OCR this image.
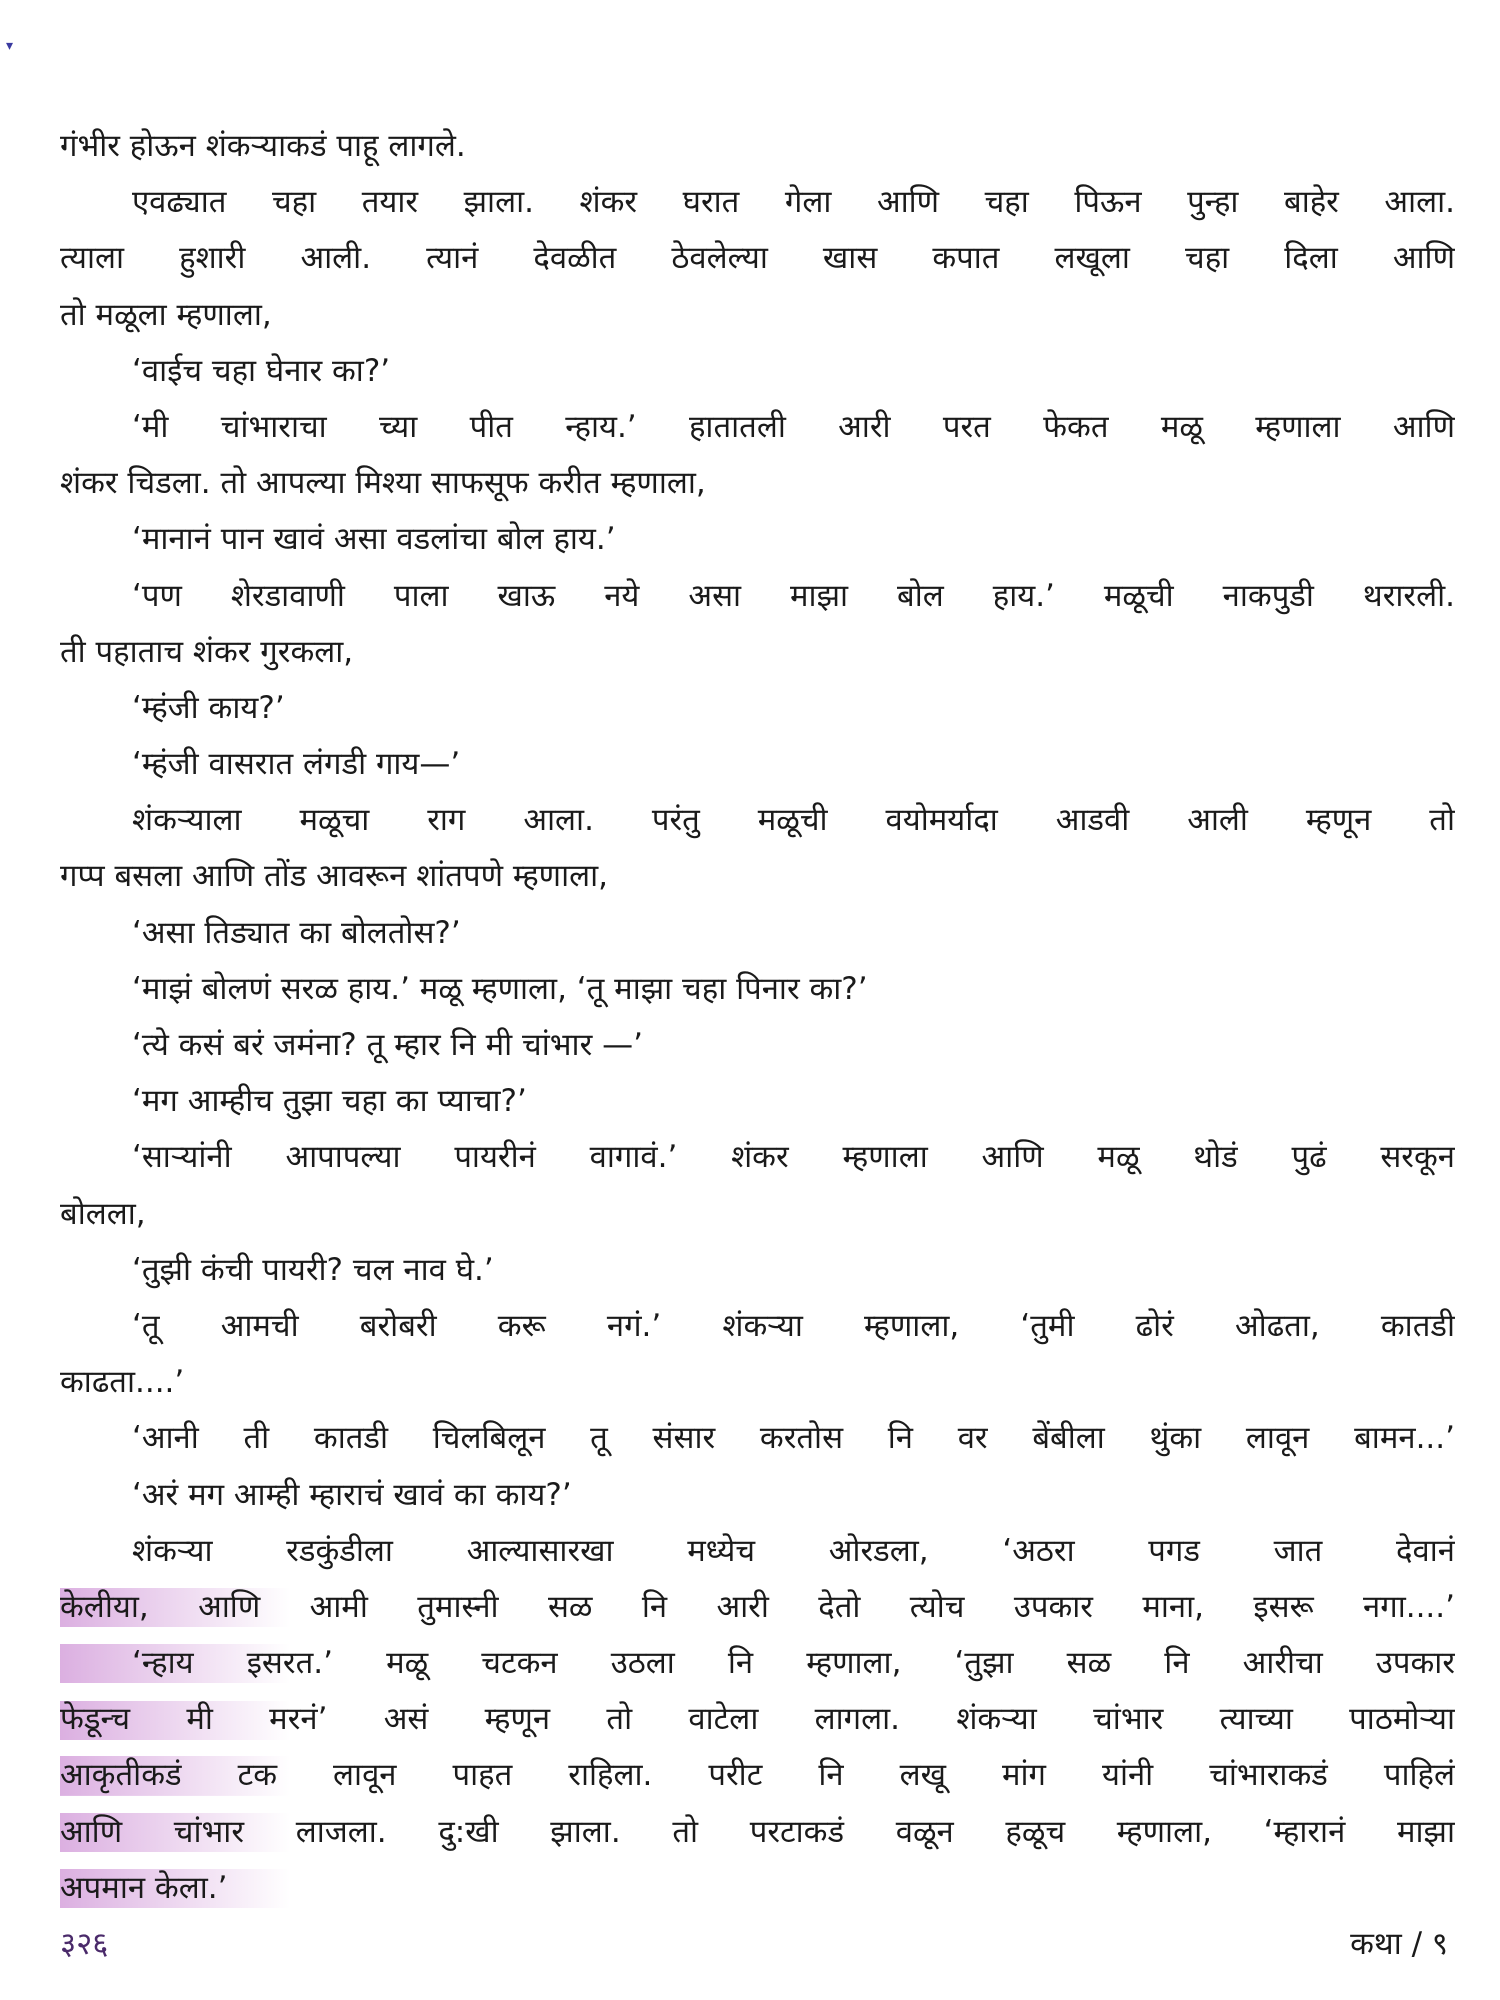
▾
गंभीर होऊन शंकऱ्याकडं पाहू लागले.
एवढ्यात चहा तयार झाला. शंकर घरात गेला आणि चहा पिऊन पुन्हा बाहेर आला.
त्याला हुशारी आली. त्यानं देवळीत ठेवलेल्या खास कपात लखूला चहा दिला आणि
तो मळूला म्हणाला,
‘वाईच चहा घेनार का?’
‘मी चांभाराचा च्या पीत न्हाय.’ हातातली आरी परत फेकत मळू म्हणाला आणि
शंकर चिडला. तो आपल्या मिश्या साफसूफ करीत म्हणाला,
‘मानानं पान खावं असा वडलांचा बोल हाय.’
‘पण शेरडावाणी पाला खाऊ नये असा माझा बोल हाय.’ मळूची नाकपुडी थरारली.
ती पहाताच शंकर गुरकला,
‘म्हंजी काय?’
‘म्हंजी वासरात लंगडी गाय—’
शंकऱ्याला मळूचा राग आला. परंतु मळूची वयोमर्यादा आडवी आली म्हणून तो
गप्प बसला आणि तोंड आवरून शांतपणे म्हणाला,
‘असा तिड्यात का बोलतोस?’
‘माझं बोलणं सरळ हाय.’ मळू म्हणाला, ‘तू माझा चहा पिनार का?’
‘त्ये कसं बरं जमंना? तू म्हार नि मी चांभार —’
‘मग आम्हीच तुझा चहा का प्याचा?’
‘साऱ्यांनी आपापल्या पायरीनं वागावं.’ शंकर म्हणाला आणि मळू थोडं पुढं सरकून
बोलला,
‘तुझी कंची पायरी? चल नाव घे.’
‘तू आमची बरोबरी करू नगं.’ शंकऱ्या म्हणाला, ‘तुमी ढोरं ओढता, कातडी
काढता....’
‘आनी ती कातडी चिलबिलून तू संसार करतोस नि वर बेंबीला थुंका लावून बामन...’
‘अरं मग आम्ही म्हाराचं खावं का काय?’
शंकऱ्या रडकुंडीला आल्यासारखा मध्येच ओरडला, ‘अठरा पगड जात देवानं
केलीया, आणि आमी तुमास्नी सळ नि आरी देतो त्योच उपकार माना, इसरू नगा....’
‘न्हाय इसरत.’ मळू चटकन उठला नि म्हणाला, ‘तुझा सळ नि आरीचा उपकार
फेडून्च मी मरनं’ असं म्हणून तो वाटेला लागला. शंकऱ्या चांभार त्याच्या पाठमोऱ्या
आकृतीकडं टक लावून पाहत राहिला. परीट नि लखू मांग यांनी चांभाराकडं पाहिलं
आणि चांभार लाजला. दु:खी झाला. तो परटाकडं वळून हळूच म्हणाला, ‘म्हारानं माझा
अपमान केला.’
३२६	कथा / ९
